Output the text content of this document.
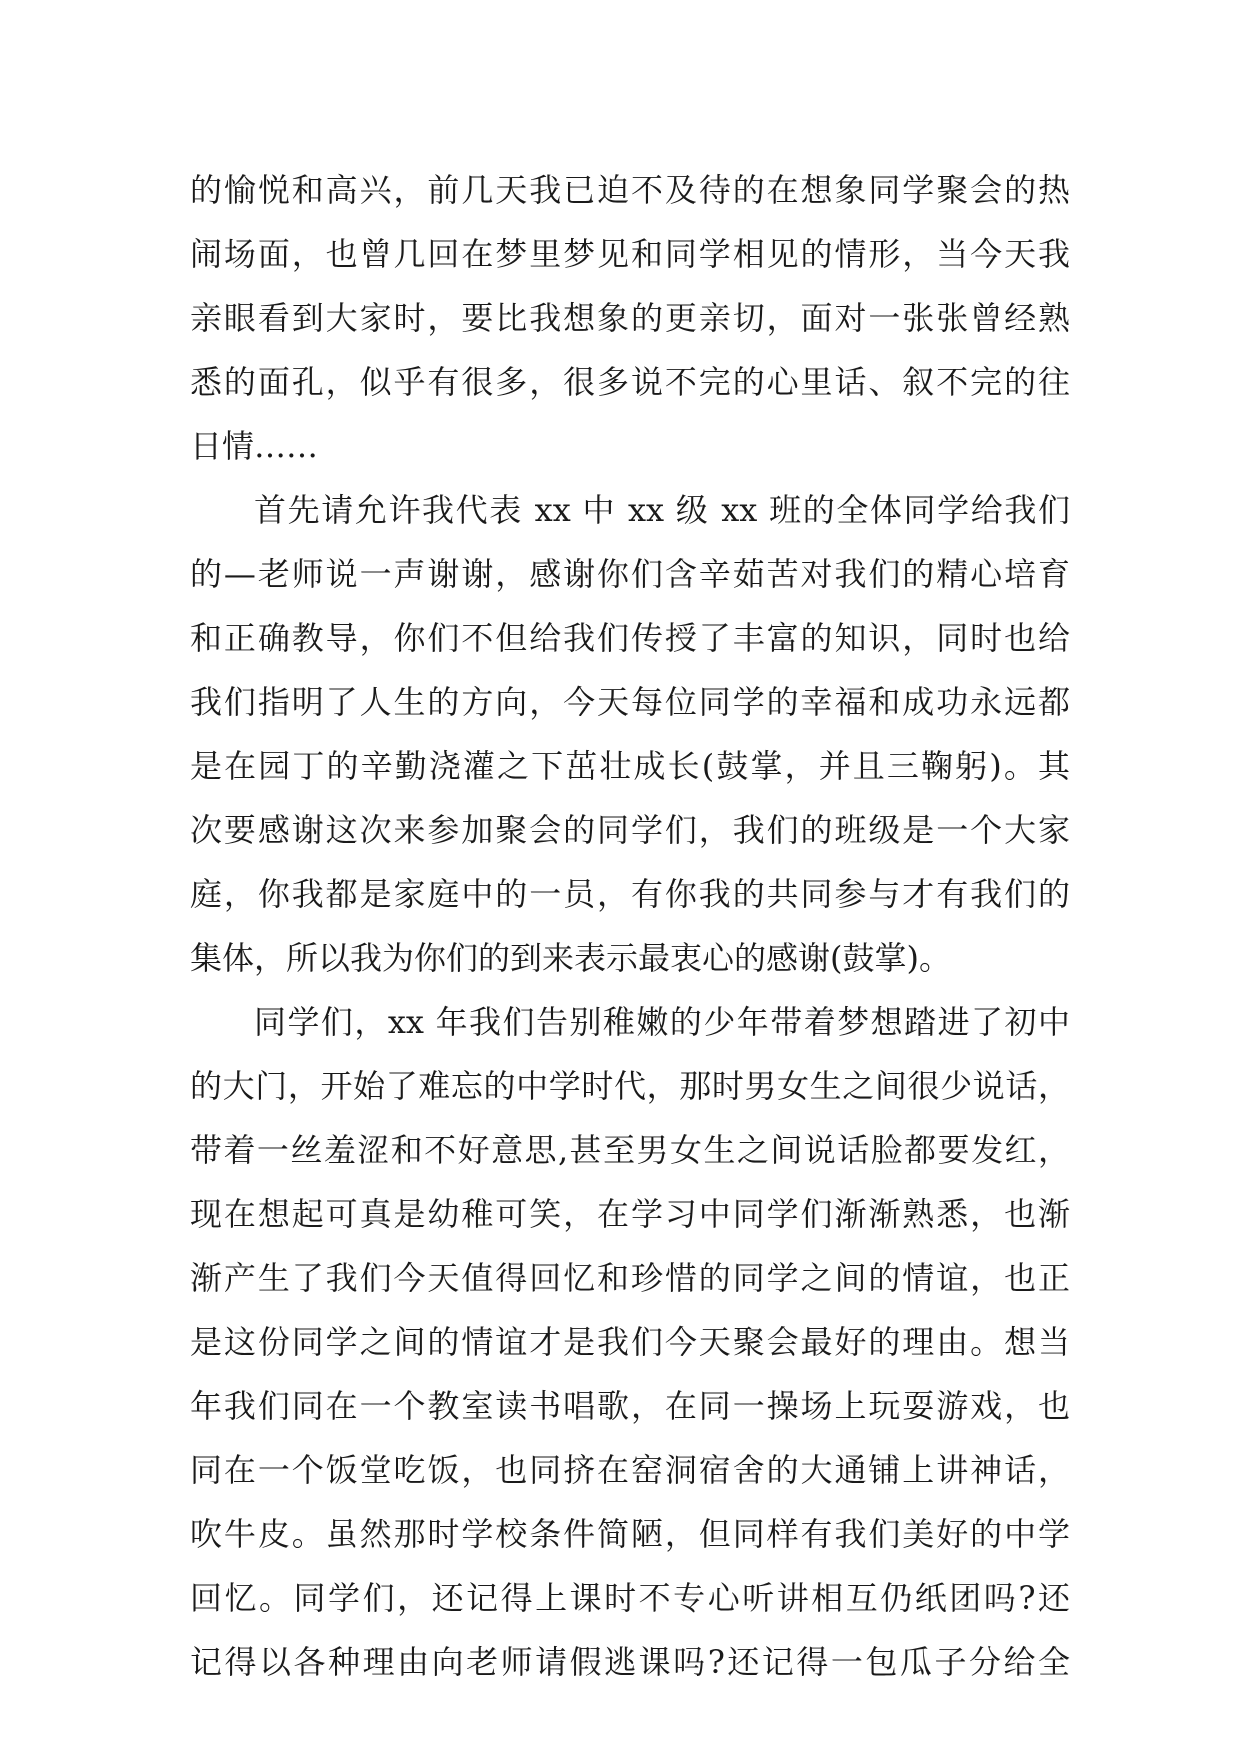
的愉悦和高兴，前几天我已迫不及待的在想象同学聚会的热
闹场面，也曾几回在梦里梦见和同学相见的情形，当今天我
亲眼看到大家时，要比我想象的更亲切，面对一张张曾经熟
悉的面孔，似乎有很多，很多说不完的心里话、叙不完的往
日情……
首先请允许我代表 xx 中 xx 级 xx 班的全体同学给我们
的—老师说一声谢谢，感谢你们含辛茹苦对我们的精心培育
和正确教导，你们不但给我们传授了丰富的知识，同时也给
我们指明了人生的方向，今天每位同学的幸福和成功永远都
是在园丁的辛勤浇灌之下茁壮成长(鼓掌，并且三鞠躬)。其
次要感谢这次来参加聚会的同学们，我们的班级是一个大家
庭，你我都是家庭中的一员，有你我的共同参与才有我们的
集体，所以我为你们的到来表示最衷心的感谢(鼓掌)。
同学们，xx 年我们告别稚嫩的少年带着梦想踏进了初中
的大门，开始了难忘的中学时代，那时男女生之间很少说话，
带着一丝羞涩和不好意思,甚至男女生之间说话脸都要发红，
现在想起可真是幼稚可笑，在学习中同学们渐渐熟悉，也渐
渐产生了我们今天值得回忆和珍惜的同学之间的情谊，也正
是这份同学之间的情谊才是我们今天聚会最好的理由。想当
年我们同在一个教室读书唱歌，在同一操场上玩耍游戏，也
同在一个饭堂吃饭，也同挤在窑洞宿舍的大通铺上讲神话，
吹牛皮。虽然那时学校条件简陋，但同样有我们美好的中学
回忆。同学们，还记得上课时不专心听讲相互仍纸团吗?还
记得以各种理由向老师请假逃课吗?还记得一包瓜子分给全
